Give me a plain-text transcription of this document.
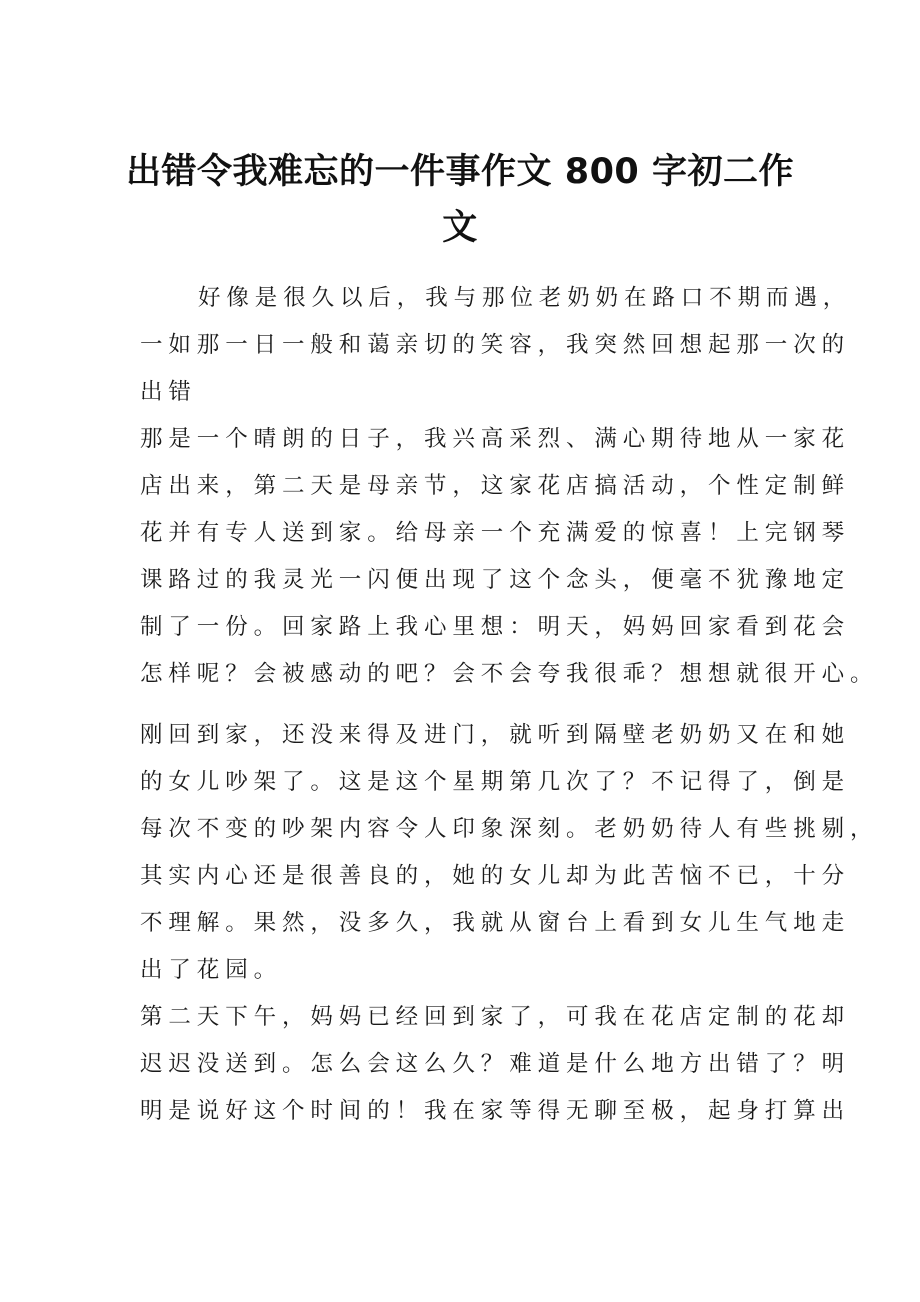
出错令我难忘的一件事作文 800 字初二作
文
好像是很久以后，我与那位老奶奶在路口不期而遇，
一如那一日一般和蔼亲切的笑容，我突然回想起那一次的
出错
那是一个晴朗的日子，我兴高采烈、满心期待地从一家花
店出来，第二天是母亲节，这家花店搞活动，个性定制鲜
花并有专人送到家。给母亲一个充满爱的惊喜！上完钢琴
课路过的我灵光一闪便出现了这个念头，便毫不犹豫地定
制了一份。回家路上我心里想：明天，妈妈回家看到花会
怎样呢？会被感动的吧？会不会夸我很乖？想想就很开心。
刚回到家，还没来得及进门，就听到隔壁老奶奶又在和她
的女儿吵架了。这是这个星期第几次了？不记得了，倒是
每次不变的吵架内容令人印象深刻。老奶奶待人有些挑剔，
其实内心还是很善良的，她的女儿却为此苦恼不已，十分
不理解。果然，没多久，我就从窗台上看到女儿生气地走
出了花园。
第二天下午，妈妈已经回到家了，可我在花店定制的花却
迟迟没送到。怎么会这么久？难道是什么地方出错了？明
明是说好这个时间的！我在家等得无聊至极，起身打算出
